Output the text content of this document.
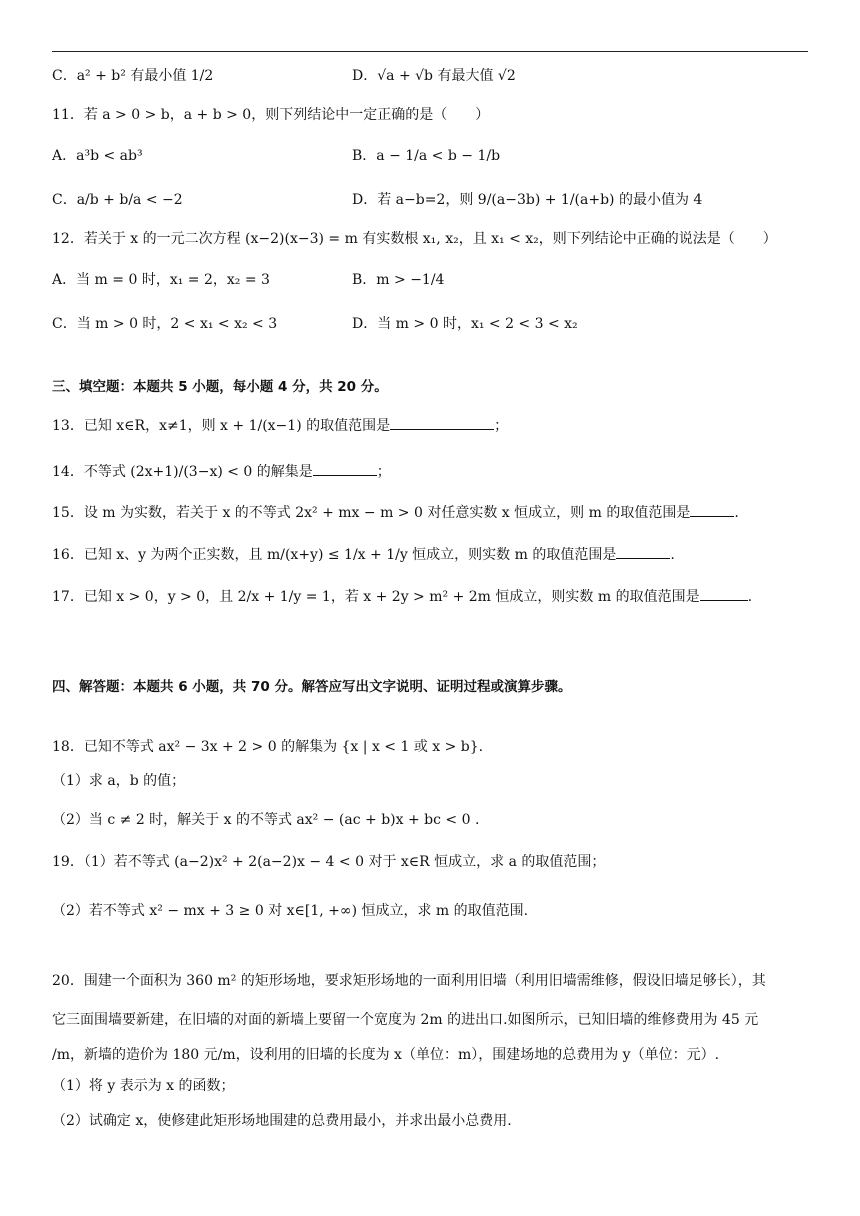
C．a² + b² 有最小值 1/2	D．√a + √b 有最大值 √2
11．若 a > 0 > b，a + b > 0，则下列结论中一定正确的是（　　）
A．a³b < ab³	B．a − 1/a < b − 1/b
C．a/b + b/a < −2	D．若 a−b=2，则 9/(a−3b) + 1/(a+b) 的最小值为 4
12．若关于 x 的一元二次方程 (x−2)(x−3) = m 有实数根 x₁, x₂，且 x₁ < x₂，则下列结论中正确的说法是（　　）
A．当 m = 0 时，x₁ = 2，x₂ = 3	B．m > −1/4
C．当 m > 0 时，2 < x₁ < x₂ < 3	D．当 m > 0 时，x₁ < 2 < 3 < x₂
三、填空题：本题共 5 小题，每小题 4 分，共 20 分。
13．已知 x∈R，x≠1，则 x + 1/(x−1) 的取值范围是	；
14．不等式 (2x+1)/(3−x) < 0 的解集是	；
15．设 m 为实数，若关于 x 的不等式 2x² + mx − m > 0 对任意实数 x 恒成立，则 m 的取值范围是	.
16．已知 x、y 为两个正实数，且 m/(x+y) ≤ 1/x + 1/y 恒成立，则实数 m 的取值范围是	.
17．已知 x > 0，y > 0，且 2/x + 1/y = 1，若 x + 2y > m² + 2m 恒成立，则实数 m 的取值范围是	.
四、解答题：本题共 6 小题，共 70 分。解答应写出文字说明、证明过程或演算步骤。
18．已知不等式 ax² − 3x + 2 > 0 的解集为 {x | x < 1 或 x > b}.
（1）求 a，b 的值；
（2）当 c ≠ 2 时，解关于 x 的不等式 ax² − (ac + b)x + bc < 0 .
19．（1）若不等式 (a−2)x² + 2(a−2)x − 4 < 0 对于 x∈R 恒成立，求 a 的取值范围；
（2）若不等式 x² − mx + 3 ≥ 0 对 x∈[1, +∞) 恒成立，求 m 的取值范围.
20．围建一个面积为 360 m² 的矩形场地，要求矩形场地的一面利用旧墙（利用旧墙需维修，假设旧墙足够长），其
它三面围墙要新建，在旧墙的对面的新墙上要留一个宽度为 2m 的进出口.如图所示，已知旧墙的维修费用为 45 元
/m，新墙的造价为 180 元/m，设利用的旧墙的长度为 x（单位：m），围建场地的总费用为 y（单位：元）.
（1）将 y 表示为 x 的函数；
（2）试确定 x，使修建此矩形场地围建的总费用最小，并求出最小总费用.
